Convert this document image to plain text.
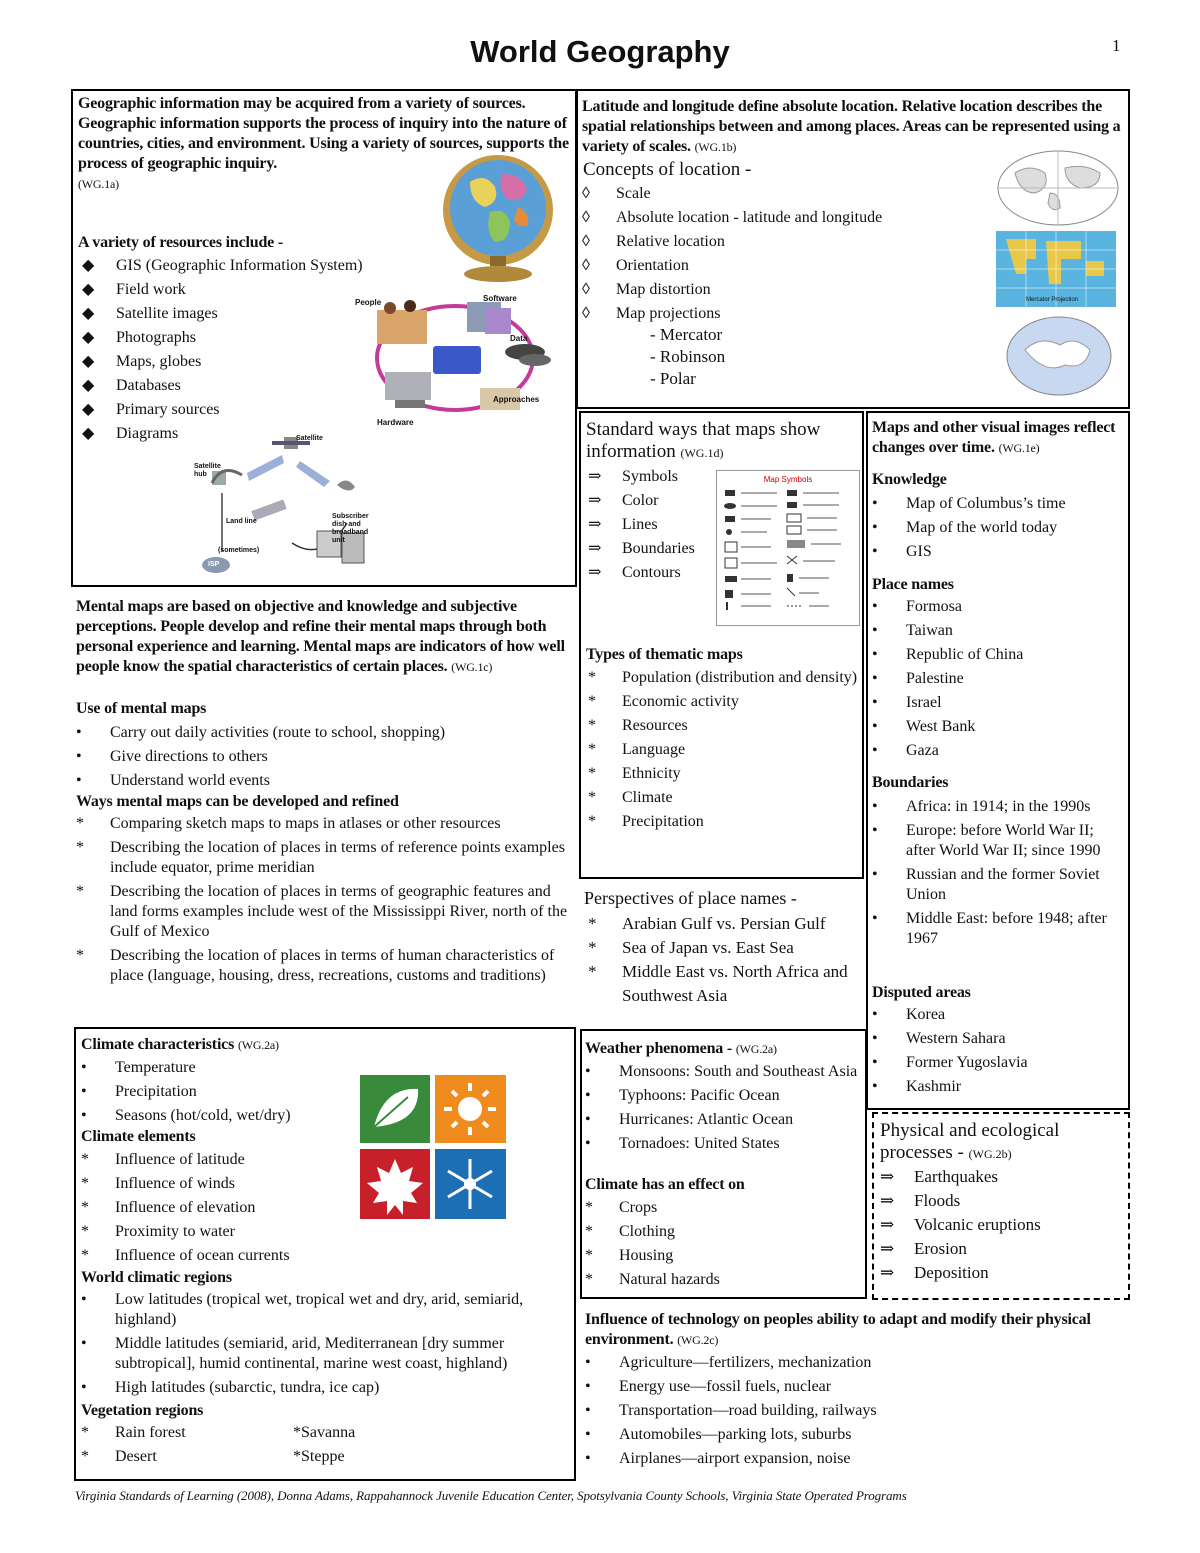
World Geography	1
Geographic information may be acquired from a variety of sources. Geographic information supports the process of inquiry into the nature of countries, cities, and environment. Using a variety of sources, supports the process of geographic inquiry.
(WG.1a)
A variety of resources include -
◆ GIS (Geographic Information System)
◆ Field work
◆ Satellite images
◆ Photographs
◆ Maps, globes
◆ Databases
◆ Primary sources
◆ Diagrams
People	Software
Data
Approaches
Hardware
Satellite
Satellite hub
Land line
Subscriber dish and broadband unit
(sometimes)
ISP
Latitude and longitude define absolute location. Relative location describes the spatial relationships between and among places. Areas can be represented using a variety of scales. (WG.1b)
Concepts of location -
◊ Scale
◊ Absolute location - latitude and longitude
◊ Relative location
◊ Orientation
◊ Map distortion
◊ Map projections
- Mercator
- Robinson
- Polar
Mercator Projection
Standard ways that maps show information (WG.1d)
⇒ Symbols
⇒ Color
⇒ Lines
⇒ Boundaries
⇒ Contours
Map Symbols
Types of thematic maps
* Population (distribution and density)
* Economic activity
* Resources
* Language
* Ethnicity
* Climate
* Precipitation
Maps and other visual images reflect changes over time. (WG.1e)
Knowledge
• Map of Columbus’s time
• Map of the world today
• GIS
Place names
• Formosa
• Taiwan
• Republic of China
• Palestine
• Israel
• West Bank
• Gaza
Boundaries
• Africa: in 1914; in the 1990s
• Europe: before World War II; after World War II; since 1990
• Russian and the former Soviet Union
• Middle East: before 1948; after 1967
Disputed areas
• Korea
• Western Sahara
• Former Yugoslavia
• Kashmir
Mental maps are based on objective and knowledge and subjective perceptions. People develop and refine their mental maps through both personal experience and learning. Mental maps are indicators of how well people know the spatial characteristics of certain places. (WG.1c)
Use of mental maps
• Carry out daily activities (route to school, shopping)
• Give directions to others
• Understand world events
Ways mental maps can be developed and refined
* Comparing sketch maps to maps in atlases or other resources
* Describing the location of places in terms of reference points examples include equator, prime meridian
* Describing the location of places in terms of geographic features and land forms examples include west of the Mississippi River, north of the Gulf of Mexico
* Describing the location of places in terms of human characteristics of place (language, housing, dress, recreations, customs and traditions)
Perspectives of place names -
* Arabian Gulf vs. Persian Gulf
* Sea of Japan vs. East Sea
* Middle East vs. North Africa and Southwest Asia
Climate characteristics (WG.2a)
• Temperature
• Precipitation
• Seasons (hot/cold, wet/dry)
Climate elements
* Influence of latitude
* Influence of winds
* Influence of elevation
* Proximity to water
* Influence of ocean currents
World climatic regions
• Low latitudes (tropical wet, tropical wet and dry, arid, semiarid, highland)
• Middle latitudes (semiarid, arid, Mediterranean [dry summer subtropical], humid continental, marine west coast, highland)
• High latitudes (subarctic, tundra, ice cap)
Vegetation regions
* Rain forest	*Savanna
* Desert	*Steppe
Weather phenomena - (WG.2a)
• Monsoons: South and Southeast Asia
• Typhoons: Pacific Ocean
• Hurricanes: Atlantic Ocean
• Tornadoes: United States
Climate has an effect on
* Crops
* Clothing
* Housing
* Natural hazards
Physical and ecological processes - (WG.2b)
⇒ Earthquakes
⇒ Floods
⇒ Volcanic eruptions
⇒ Erosion
⇒ Deposition
Influence of technology on peoples ability to adapt and modify their physical environment. (WG.2c)
• Agriculture—fertilizers, mechanization
• Energy use—fossil fuels, nuclear
• Transportation—road building, railways
• Automobiles—parking lots, suburbs
• Airplanes—airport expansion, noise
Virginia Standards of Learning (2008), Donna Adams, Rappahannock Juvenile Education Center, Spotsylvania County Schools, Virginia State Operated Programs
